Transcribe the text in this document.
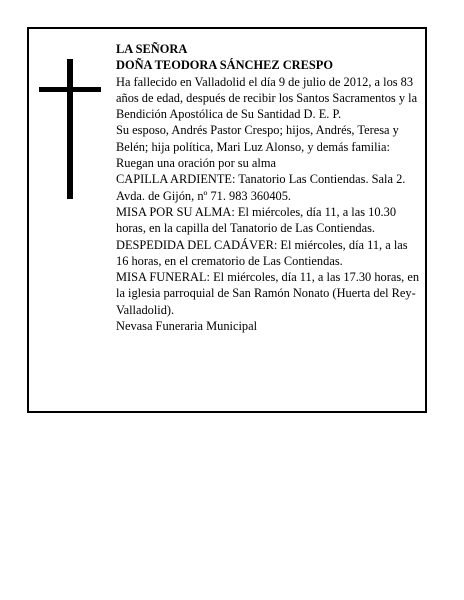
LA SEÑORA

DOÑA TEODORA SÁNCHEZ CRESPO

Ha fallecido en Valladolid el día 9 de julio de 2012, a los 83 años de edad, después de recibir los Santos Sacramentos y la Bendición Apostólica de Su Santidad D. E. P.

Su esposo, Andrés Pastor Crespo; hijos, Andrés, Teresa y Belén; hija política, Mari Luz Alonso, y demás familia:

Ruegan una oración por su alma

CAPILLA ARDIENTE: Tanatorio Las Contiendas. Sala 2. Avda. de Gijón, nº 71. 983 360405.

MISA POR SU ALMA: El miércoles, día 11, a las 10.30 horas, en la capilla del Tanatorio de Las Contiendas.

DESPEDIDA DEL CADÁVER: El miércoles, día 11, a las 16 horas, en el crematorio de Las Contiendas.

MISA FUNERAL: El miércoles, día 11, a las 17.30 horas, en la iglesia parroquial de San Ramón Nonato (Huerta del Rey-Valladolid).

Nevasa Funeraria Municipal
